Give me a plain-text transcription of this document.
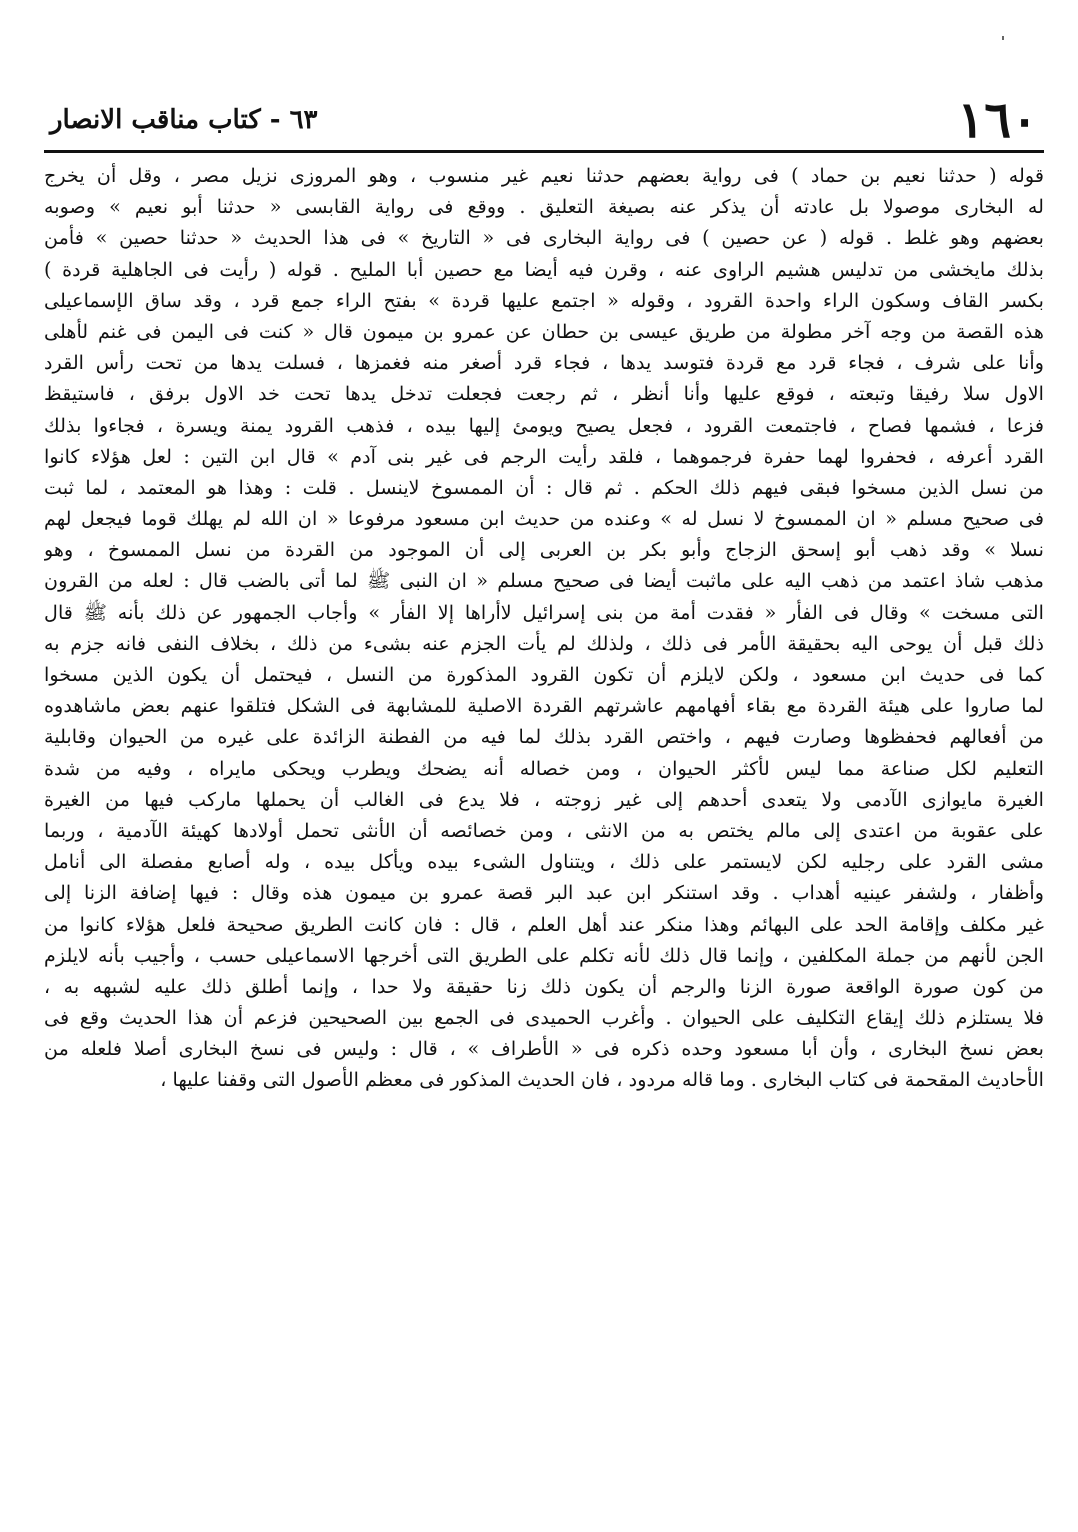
١٦٠
٦٣ - كتاب مناقب الانصار
قوله ( حدثنا نعيم بن حماد ) فى رواية بعضهم حدثنا نعيم غير منسوب ، وهو المروزى نزيل مصر ، وقل أن يخرج
له البخارى موصولا بل عادته أن يذكر عنه بصيغة التعليق . ووقع فى رواية القابسى « حدثنا أبو نعيم » وصوبه
بعضهم وهو غلط . قوله ( عن حصين ) فى رواية البخارى فى « التاريخ » فى هذا الحديث « حدثنا حصين » فأمن
بذلك مايخشى من تدليس هشيم الراوى عنه ، وقرن فيه أيضا مع حصين أبا المليح . قوله ( رأيت فى الجاهلية قردة )
بكسر القاف وسكون الراء واحدة القرود ، وقوله « اجتمع عليها قردة » بفتح الراء جمع قرد ، وقد ساق الإسماعيلى
هذه القصة من وجه آخر مطولة من طريق عيسى بن حطان عن عمرو بن ميمون قال « كنت فى اليمن فى غنم لأهلى
وأنا على شرف ، فجاء قرد مع قردة فتوسد يدها ، فجاء قرد أصغر منه فغمزها ، فسلت يدها من تحت رأس القرد
الاول سلا رفيقا وتبعته ، فوقع عليها وأنا أنظر ، ثم رجعت فجعلت تدخل يدها تحت خد الاول برفق ، فاستيقظ
فزعا ، فشمها فصاح ، فاجتمعت القرود ، فجعل يصيح ويومئ إليها بيده ، فذهب القرود يمنة ويسرة ، فجاءوا بذلك
القرد أعرفه ، فحفروا لهما حفرة فرجموهما ، فلقد رأيت الرجم فى غير بنى آدم » قال ابن التين : لعل هؤلاء كانوا
من نسل الذين مسخوا فبقى فيهم ذلك الحكم . ثم قال : أن الممسوخ لاينسل . قلت : وهذا هو المعتمد ، لما ثبت
فى صحيح مسلم « ان الممسوخ لا نسل له » وعنده من حديث ابن مسعود مرفوعا « ان الله لم يهلك قوما فيجعل لهم
نسلا » وقد ذهب أبو إسحق الزجاج وأبو بكر بن العربى إلى أن الموجود من القردة من نسل الممسوخ ، وهو
مذهب شاذ اعتمد من ذهب اليه على ماثبت أيضا فى صحيح مسلم « ان النبى ﷺ لما أتى بالضب قال : لعله من القرون
التى مسخت » وقال فى الفأر « فقدت أمة من بنى إسرائيل لاأراها إلا الفأر » وأجاب الجمهور عن ذلك بأنه ﷺ قال
ذلك قبل أن يوحى اليه بحقيقة الأمر فى ذلك ، ولذلك لم يأت الجزم عنه بشىء من ذلك ، بخلاف النفى فانه جزم به
كما فى حديث ابن مسعود ، ولكن لايلزم أن تكون القرود المذكورة من النسل ، فيحتمل أن يكون الذين مسخوا
لما صاروا على هيئة القردة مع بقاء أفهامهم عاشرتهم القردة الاصلية للمشابهة فى الشكل فتلقوا عنهم بعض ماشاهدوه
من أفعالهم فحفظوها وصارت فيهم ، واختص القرد بذلك لما فيه من الفطنة الزائدة على غيره من الحيوان وقابلية
التعليم لكل صناعة مما ليس لأكثر الحيوان ، ومن خصاله أنه يضحك ويطرب ويحكى مايراه ، وفيه من شدة
الغيرة مايوازى الآدمى ولا يتعدى أحدهم إلى غير زوجته ، فلا يدع فى الغالب أن يحملها ماركب فيها من الغيرة
على عقوبة من اعتدى إلى مالم يختص به من الانثى ، ومن خصائصه أن الأنثى تحمل أولادها كهيئة الآدمية ، وربما
مشى القرد على رجليه لكن لايستمر على ذلك ، ويتناول الشىء بيده ويأكل بيده ، وله أصابع مفصلة الى أنامل
وأظفار ، ولشفر عينيه أهداب . وقد استنكر ابن عبد البر قصة عمرو بن ميمون هذه وقال : فيها إضافة الزنا إلى
غير مكلف وإقامة الحد على البهائم وهذا منكر عند أهل العلم ، قال : فان كانت الطريق صحيحة فلعل هؤلاء كانوا من
الجن لأنهم من جملة المكلفين ، وإنما قال ذلك لأنه تكلم على الطريق التى أخرجها الاسماعيلى حسب ، وأجيب بأنه لايلزم
من كون صورة الواقعة صورة الزنا والرجم أن يكون ذلك زنا حقيقة ولا حدا ، وإنما أطلق ذلك عليه لشبهه به ،
فلا يستلزم ذلك إيقاع التكليف على الحيوان . وأغرب الحميدى فى الجمع بين الصحيحين فزعم أن هذا الحديث وقع فى
بعض نسخ البخارى ، وأن أبا مسعود وحده ذكره فى « الأطراف » ، قال : وليس فى نسخ البخارى أصلا فلعله من
الأحاديث المقحمة فى كتاب البخارى . وما قاله مردود ، فان الحديث المذكور فى معظم الأصول التى وقفنا عليها ،
